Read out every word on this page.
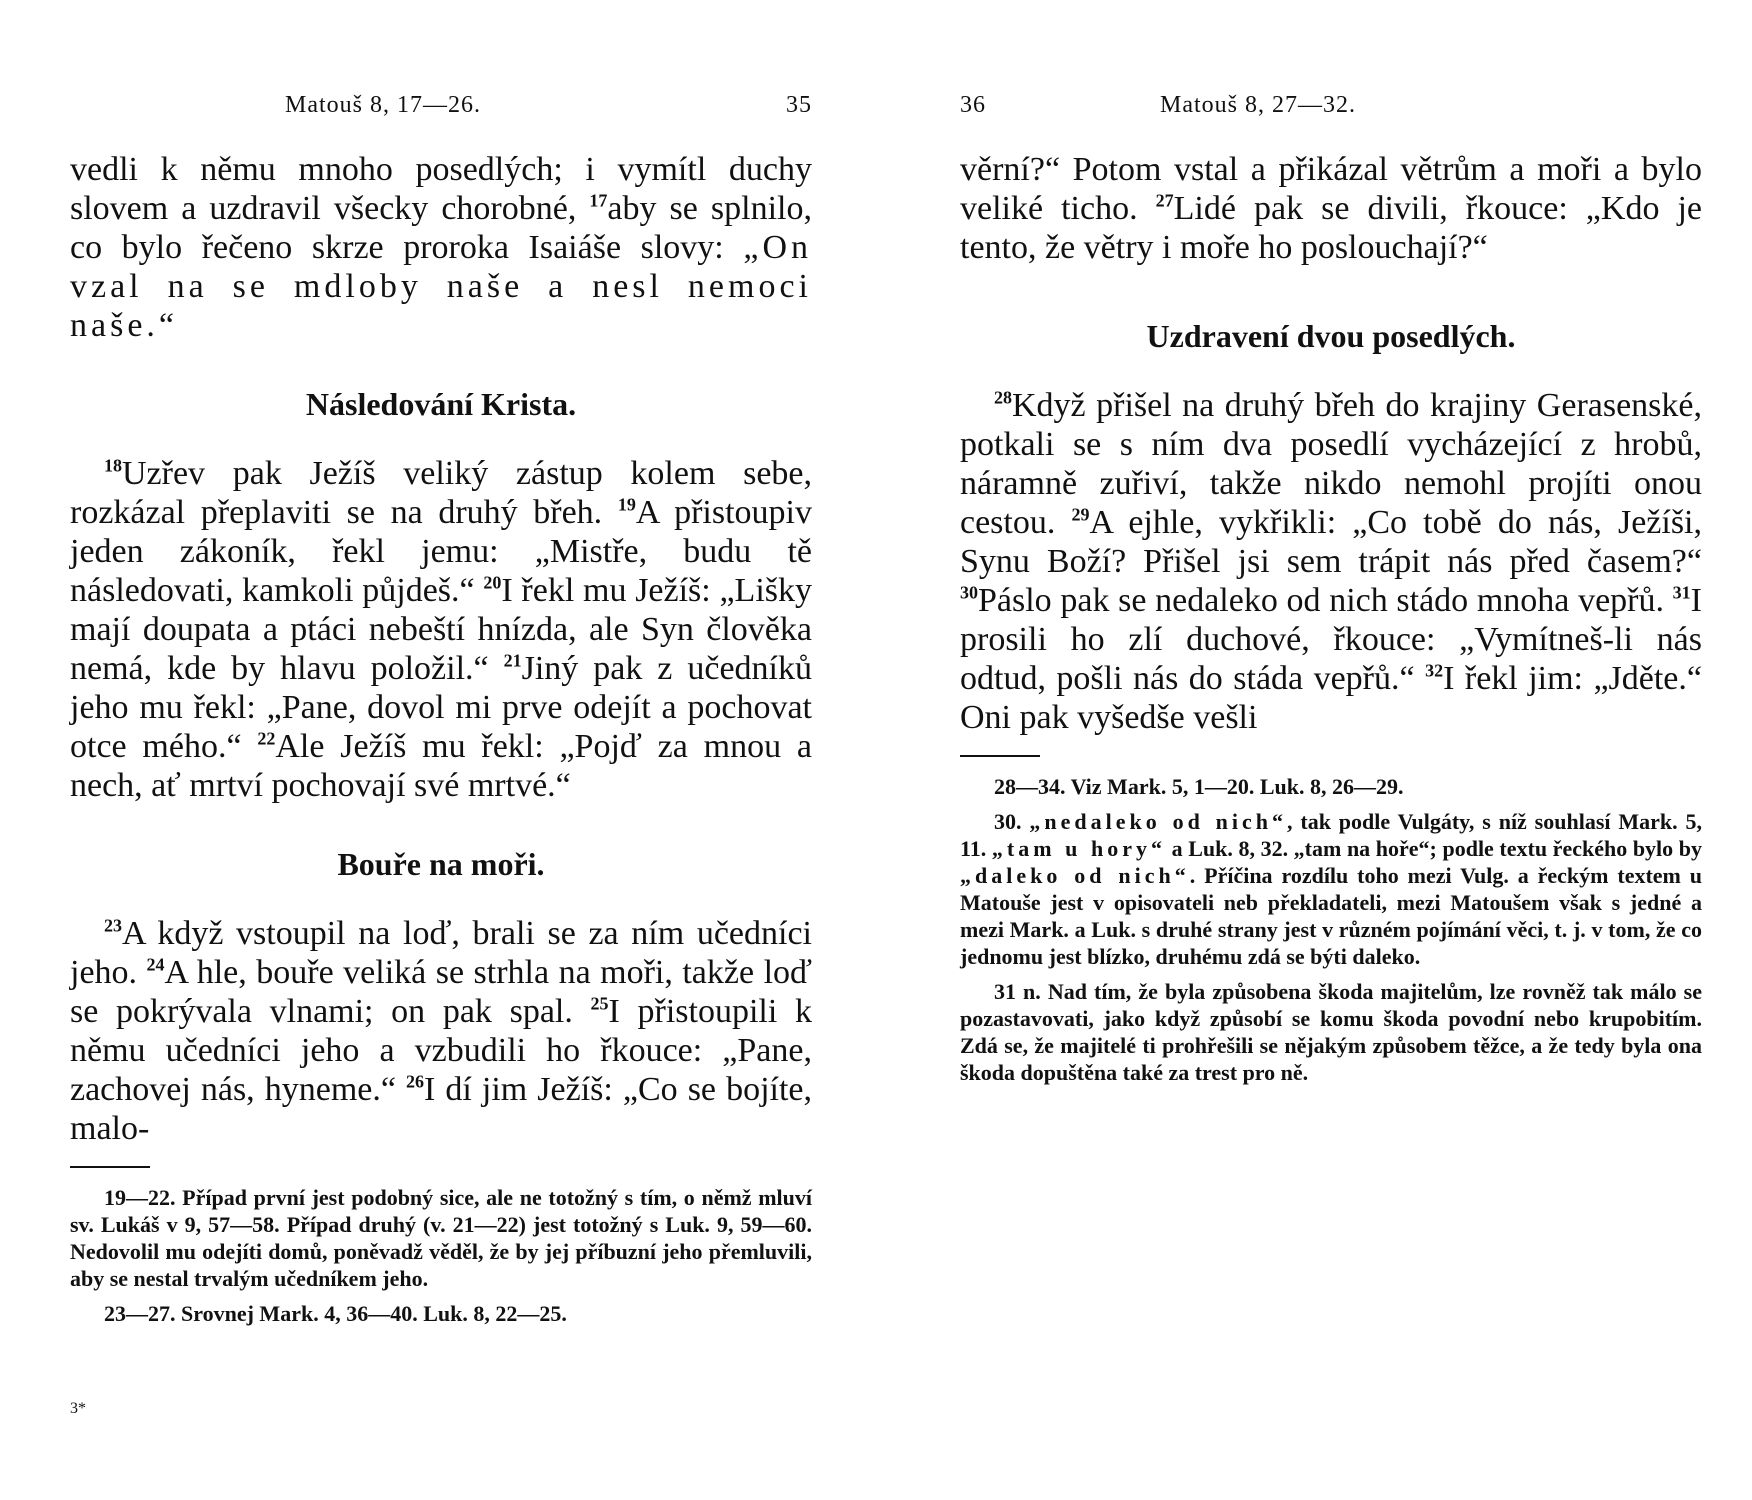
Matouš 8, 17—26.	35

vedli k němu mnoho posedlých; i vymítl duchy slovem a uzdravil všecky chorobné, $^{17}$aby se splnilo, co bylo řečeno skrze proroka Isaiáše slovy: „On vzal na se mdloby naše a nesl nemoci naše.“

Následování Krista.

$^{18}$Uzřev pak Ježíš veliký zástup kolem sebe, rozkázal přeplaviti se na druhý břeh. $^{19}$A přistoupiv jeden zákoník, řekl jemu: „Mistře, budu tě následovati, kamkoli půjdeš.“ $^{20}$I řekl mu Ježíš: „Lišky mají doupata a ptáci nebeští hnízda, ale Syn člověka nemá, kde by hlavu položil.“ $^{21}$Jiný pak z učedníků jeho mu řekl: „Pane, dovol mi prve odejít a pochovat otce mého.“ $^{22}$Ale Ježíš mu řekl: „Pojď za mnou a nech, ať mrtví pochovají své mrtvé.“

Bouře na moři.

$^{23}$A když vstoupil na loď, brali se za ním učedníci jeho. $^{24}$A hle, bouře veliká se strhla na moři, takže loď se pokrývala vlnami; on pak spal. $^{25}$I přistoupili k němu učedníci jeho a vzbudili ho řkouce: „Pane, zachovej nás, hyneme.“ $^{26}$I dí jim Ježíš: „Co se bojíte, malo-

19—22. Případ první jest podobný sice, ale ne totožný s tím, o němž mluví sv. Lukáš v 9, 57—58. Případ druhý (v. 21—22) jest totožný s Luk. 9, 59—60. Nedovolil mu odejíti domů, poněvadž věděl, že by jej příbuzní jeho přemluvili, aby se nestal trvalým učedníkem jeho.

23—27. Srovnej Mark. 4, 36—40. Luk. 8, 22—25.

3*
36	Matouš 8, 27—32.

věrní?“ Potom vstal a přikázal větrům a moři a bylo veliké ticho. $^{27}$Lidé pak se divili, řkouce: „Kdo je tento, že větry i moře ho poslouchají?“

Uzdravení dvou posedlých.

$^{28}$Když přišel na druhý břeh do krajiny Gerasenské, potkali se s ním dva posedlí vycházející z hrobů, náramně zuřiví, takže nikdo nemohl projíti onou cestou. $^{29}$A ejhle, vykřikli: „Co tobě do nás, Ježíši, Synu Boží? Přišel jsi sem trápit nás před časem?“ $^{30}$Páslo pak se nedaleko od nich stádo mnoha vepřů. $^{31}$I prosili ho zlí duchové, řkouce: „Vymítneš-li nás odtud, pošli nás do stáda vepřů.“ $^{32}$I řekl jim: „Jděte.“ Oni pak vyšedše vešli

28—34. Viz Mark. 5, 1—20. Luk. 8, 26—29.

30. „nedaleko od nich“, tak podle Vulgáty, s níž souhlasí Mark. 5, 11. „tam u hory“ a Luk. 8, 32. „tam na hoře“; podle textu řeckého bylo by „daleko od nich“. Příčina rozdílu toho mezi Vulg. a řeckým textem u Matouše jest v opisovateli neb překladateli, mezi Matoušem však s jedné a mezi Mark. a Luk. s druhé strany jest v různém pojímání věci, t. j. v tom, že co jednomu jest blízko, druhému zdá se býti daleko.

31 n. Nad tím, že byla způsobena škoda majitelům, lze rovněž tak málo se pozastavovati, jako když způsobí se komu škoda povodní nebo krupobitím. Zdá se, že majitelé ti prohřešili se nějakým způsobem těžce, a že tedy byla ona škoda dopuštěna také za trest pro ně.
